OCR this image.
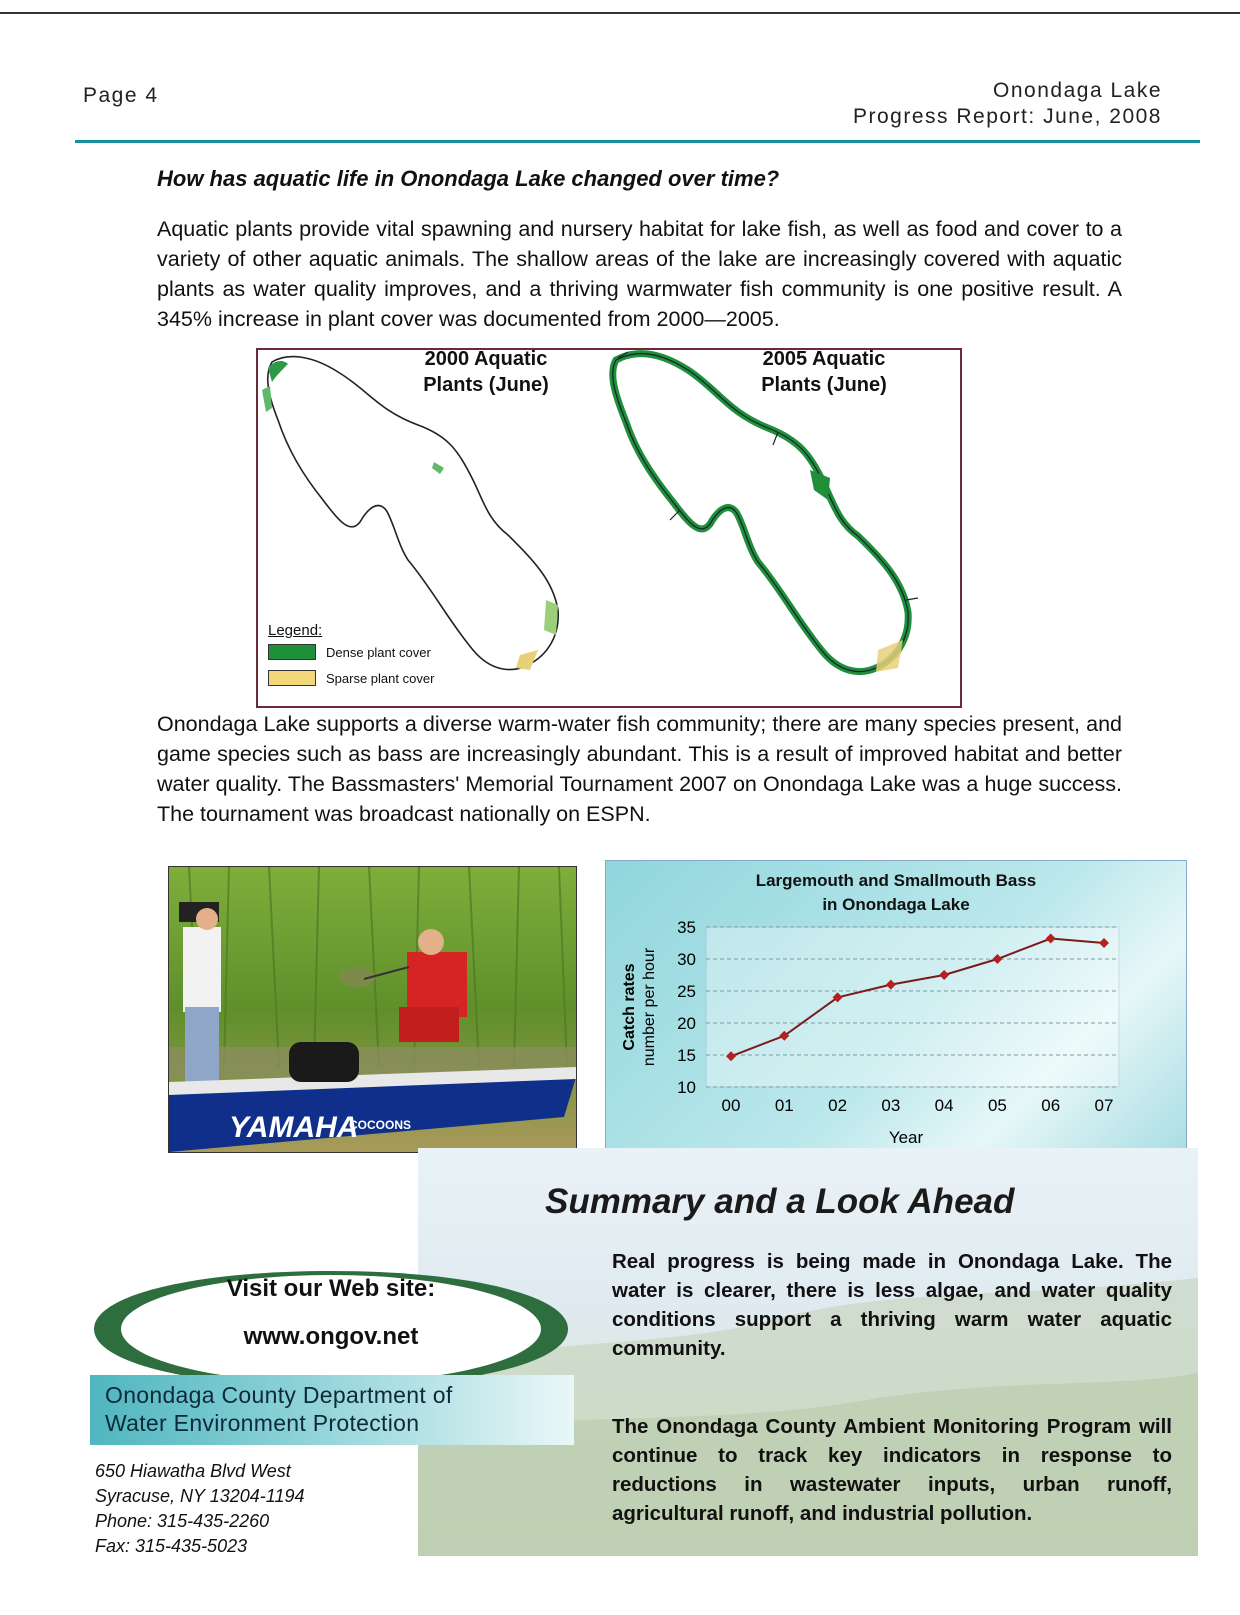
Page 4	Onondaga Lake
Progress Report: June, 2008
How has aquatic life in Onondaga Lake changed over time?
Aquatic plants provide vital spawning and nursery habitat for lake fish, as well as food and cover to a variety of other aquatic animals. The shallow areas of the lake are increasingly covered with aquatic plants as water quality improves, and a thriving warmwater fish community is one positive result. A 345% increase in plant cover was documented from 2000—2005.
2000 Aquatic
Plants (June)
2005 Aquatic
Plants (June)
Legend:
Dense plant cover
Sparse plant cover
Onondaga Lake supports a diverse warm-water fish community; there are many species present, and game species such as bass are increasingly abundant. This is a result of improved habitat and better water quality. The Bassmasters' Memorial Tournament 2007 on Onondaga Lake was a huge success. The tournament was broadcast nationally on ESPN.
YAMAHA
COCOONS
Largemouth and Smallmouth Bass
in Onondaga Lake
35
30
25
20
15
10
00 01 02 03 04 05 06 07
Catch rates number per hour
Year
Summary and a Look Ahead
Real progress is being made in Onondaga Lake. The water is clearer, there is less algae, and water quality conditions support a thriving warm water aquatic community.
The Onondaga County Ambient Monitoring Program will continue to track key indicators in response to reductions in wastewater inputs, urban runoff, agricultural runoff, and industrial pollution.
Visit our Web site:
www.ongov.net
Onondaga County Department of
Water Environment Protection
650 Hiawatha Blvd West
Syracuse, NY 13204-1194
Phone: 315-435-2260
Fax: 315-435-5023
